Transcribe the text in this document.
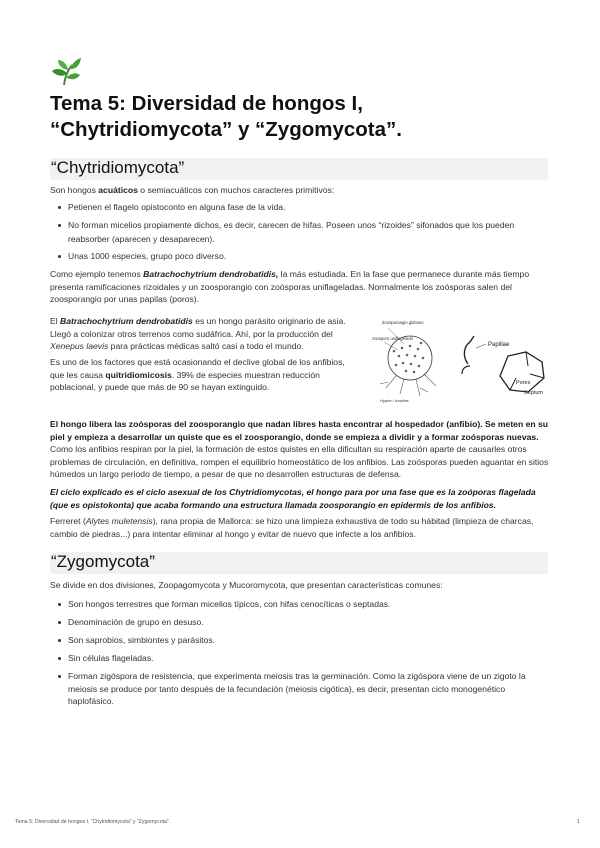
Tema 5: Diversidad de hongos I,
“Chytridiomycota” y “Zygomycota”.
“Chytridiomycota”

Son hongos acuáticos o semiacuáticos con muchos caracteres primitivos:

Petienen el flagelo opistoconto en alguna fase de la vida.
No forman micelios propiamente dichos, es decir, carecen de hifas. Poseen unos “rizoides” sifonados que los pueden
reabsorber (aparecen y desaparecen).
Unas 1000 especies, grupo poco diverso.

Como ejemplo tenemos Batrachochytrium dendrobatidis, la más estudiada. En la fase que permanece durante más tiempo
presenta ramificaciones rizoidales y un zoosporangio con zoósporas uniflageladas. Normalmente los zoósporas salen del
zoosporangio por unas papilas (poros).

El Batrachochytrium dendrobatidis es un hongo parásito originario de asia.
Llegó a colonizar otros terrenos como sudáfrica. Ahí, por la producción del
Xenepus laevis para prácticas médicas saltó casi a todo el mundo.

Es uno de los factores que está ocasionando el declive global de los anfibios,
que les causa quitridiomicosis. 39% de especies muestran reducción
poblacional, y puede que más de 90 se hayan extinguido.

Zoosporangio globoso
zoosporo uniflagelado
Hyphe / rizoides
Papillae
Pores
Septum

El hongo libera las zoósporas del zoosporangio que nadan libres hasta encontrar al hospedador (anfibio). Se meten en su
piel y empieza a desarrollar un quiste que es el zoosporangio, donde se empieza a dividir y a formar zoósporas nuevas.

Como los anfibios respiran por la piel, la formación de estos quistes en ella dificultan su respiración aparte de causarles otros
problemas de circulación, en definitiva, rompen el equilibrio homeostático de los anfibios. Las zoósporas pueden aguantar en sitios
húmedos un largo periodo de tiempo, a pesar de que no desarrollen estructuras de defensa.

El ciclo explicado es el ciclo asexual de los Chytridiomycotas, el hongo para por una fase que es la zoóporas flagelada
(que es opistokonta) que acaba formando una estructura llamada zoosporangio en epidermis de los anfibios.

Ferreret (Alytes muletensis), rana propia de Mallorca: se hizo una limpieza exhaustiva de todo su hábitad (limpieza de charcas,
cambio de piedras...) para intentar eliminar al hongo y evitar de nuevo que infecte a los anfibios.

“Zygomycota”

Se divide en dos divisiones, Zoopagomycota y Mucoromycota, que presentan características comunes:

Son hongos terrestres que forman micelios típicos, con hifas cenocíticas o septadas.
Denominación de grupo en desuso.
Son saprobios, simbiontes y parásitos.
Sin células flageladas.
Forman zigóspora de resistencia, que experimenta meiosis tras la germinación. Como la zigóspora viene de un zigoto la
meiosis se produce por tanto después de la fecundación (meiosis cigótica), es decir, presentan ciclo monogenético
haplofásico.
Tema 5: Diversidad de hongos I, “Chytridiomycota” y “Zygomycota”.	1
